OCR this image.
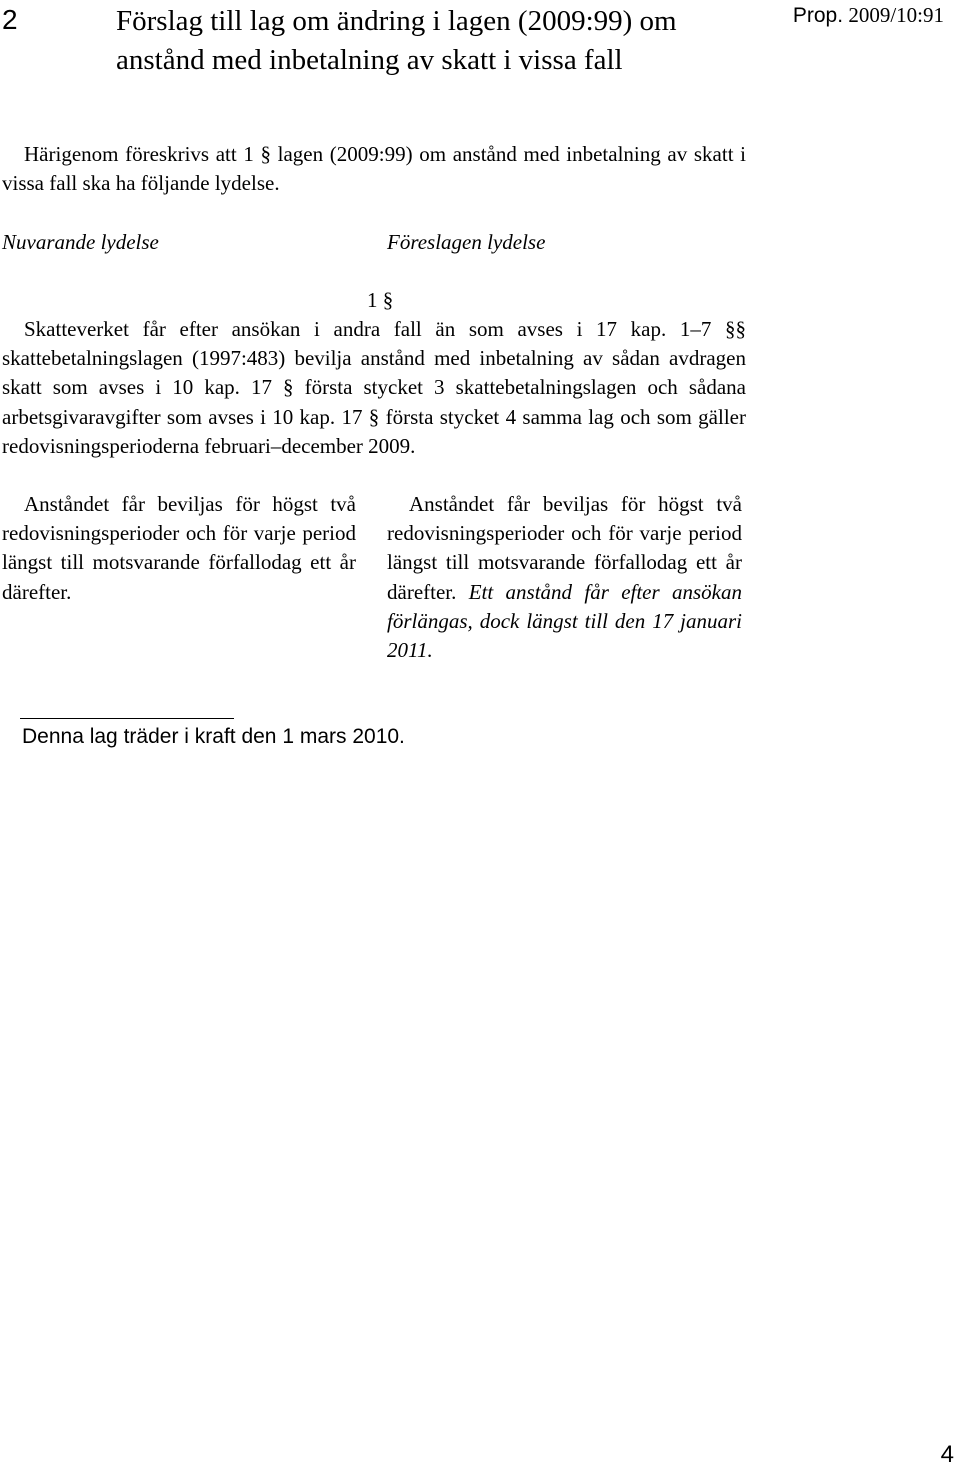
2	Förslag till lag om ändring i lagen (2009:99) om anstånd med inbetalning av skatt i vissa fall
Prop. 2009/10:91
Härigenom föreskrivs att 1 § lagen (2009:99) om anstånd med inbetalning av skatt i vissa fall ska ha följande lydelse.
Nuvarande lydelse	Föreslagen lydelse
1 §
Skatteverket får efter ansökan i andra fall än som avses i 17 kap. 1–7 §§ skattebetalningslagen (1997:483) bevilja anstånd med inbetalning av sådan avdragen skatt som avses i 10 kap. 17 § första stycket 3 skattebetalningslagen och sådana arbetsgivaravgifter som avses i 10 kap. 17 § första stycket 4 samma lag och som gäller redovisningsperioderna februari–december 2009.
Anståndet får beviljas för högst två redovisningsperioder och för varje period längst till motsvarande förfallodag ett år därefter.
Anståndet får beviljas för högst två redovisningsperioder och för varje period längst till motsvarande förfallodag ett år därefter. Ett anstånd får efter ansökan förlängas, dock längst till den 17 januari 2011.
Denna lag träder i kraft den 1 mars 2010.
4
